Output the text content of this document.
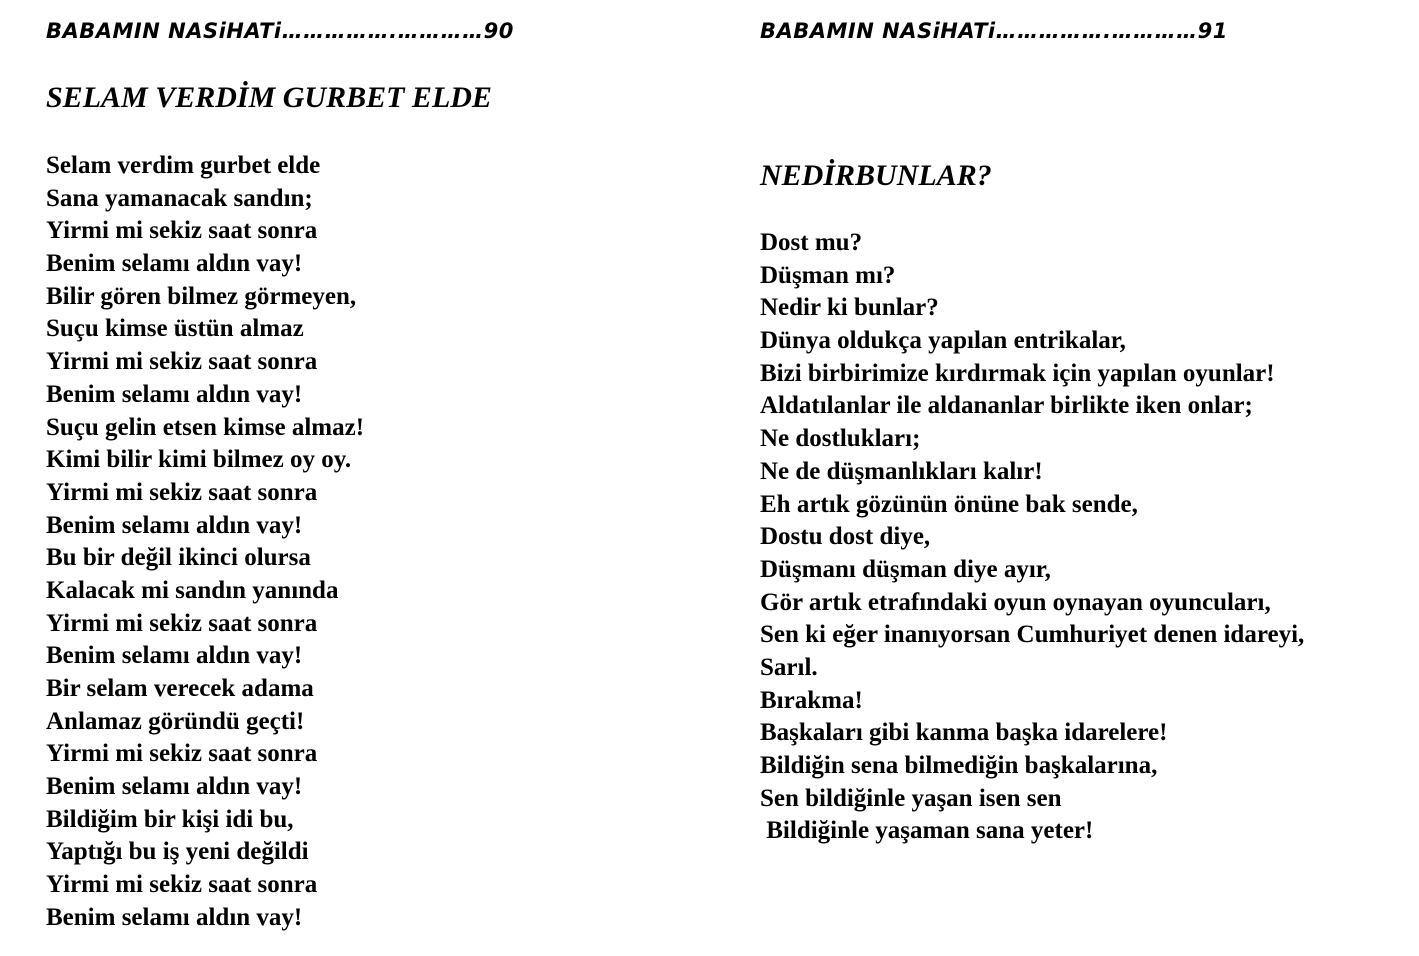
BABAMIN NASiHATi…………….…………90
SELAM VERDİM GURBET ELDE
Selam verdim gurbet elde
Sana yamanacak sandın;
Yirmi mi sekiz saat sonra
Benim selamı aldın vay!
Bilir gören bilmez görmeyen,
Suçu kimse üstün almaz
Yirmi mi sekiz saat sonra
Benim selamı aldın vay!
Suçu gelin etsen kimse almaz!
Kimi bilir kimi bilmez oy oy.
Yirmi mi sekiz saat sonra
Benim selamı aldın vay!
Bu bir değil ikinci olursa
Kalacak mi sandın yanında
Yirmi mi sekiz saat sonra
Benim selamı aldın vay!
Bir selam verecek adama
Anlamaz göründü geçti!
Yirmi mi sekiz saat sonra
Benim selamı aldın vay!
Bildiğim bir kişi idi bu,
Yaptığı bu iş yeni değildi
Yirmi mi sekiz saat sonra
Benim selamı aldın vay!
BABAMIN NASiHATi…………….…………91
NEDİRBUNLAR?
Dost mu?
Düşman mı?
Nedir ki bunlar?
Dünya oldukça yapılan entrikalar,
Bizi birbirimize kırdırmak için yapılan oyunlar!
Aldatılanlar ile aldananlar birlikte iken onlar;
Ne dostlukları;
Ne de düşmanlıkları kalır!
Eh artık gözünün önüne bak sende,
Dostu dost diye,
Düşmanı düşman diye ayır,
Gör artık etrafındaki oyun oynayan oyuncuları,
Sen ki eğer inanıyorsan Cumhuriyet denen idareyi,
Sarıl.
Bırakma!
Başkaları gibi kanma başka idarelere!
Bildiğin sena bilmediğin başkalarına,
Sen bildiğinle yaşan isen sen
Bildiğinle yaşaman sana yeter!
